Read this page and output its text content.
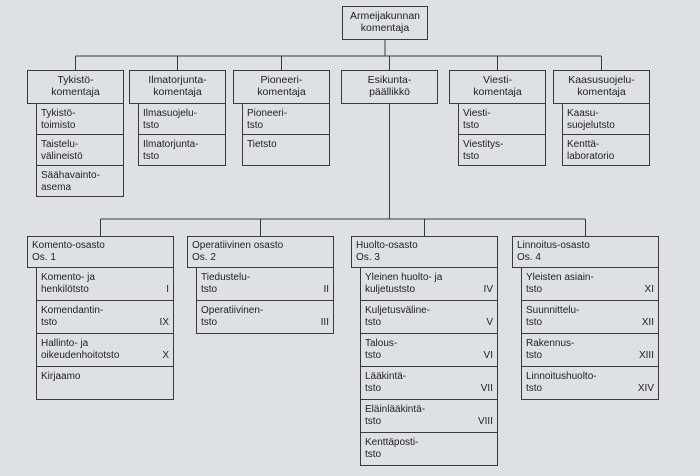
Armeijakunnan
komentaja
Tykistö-
komentaja
Tykistö-
toimisto
Taistelu-
välineistö
Säähavainto-
asema
Ilmatorjunta-
komentaja
Ilmasuojelu-
tsto
Ilmatorjunta-
tsto
Pioneeri-
komentaja
Pioneeri-
tsto
Tietsto
Esikunta-
päällikkö
Viesti-
komentaja
Viesti-
tsto
Viestitys-
tsto
Kaasusuojelu-
komentaja
Kaasu-
suojelutsto
Kenttä-
laboratorio
Komento-osasto
Os. 1
Komento- ja
henkilötsto	I
Komendantin-
tsto	IX
Hallinto- ja
oikeudenhoitotsto	X
Kirjaamo
Operatiivinen osasto
Os. 2
Tiedustelu-
tsto	II
Operatiivinen-
tsto	III
Huolto-osasto
Os. 3
Yleinen huolto- ja
kuljetuststo	IV
Kuljetusväline-
tsto	V
Talous-
tsto	VI
Lääkintä-
tsto	VII
Eläinlääkintä-
tsto	VIII
Kenttäposti-
tsto
Linnoitus-osasto
Os. 4
Yleisten asiain-
tsto	XI
Suunnittelu-
tsto	XII
Rakennus-
tsto	XIII
Linnoitushuolto-
tsto	XIV
